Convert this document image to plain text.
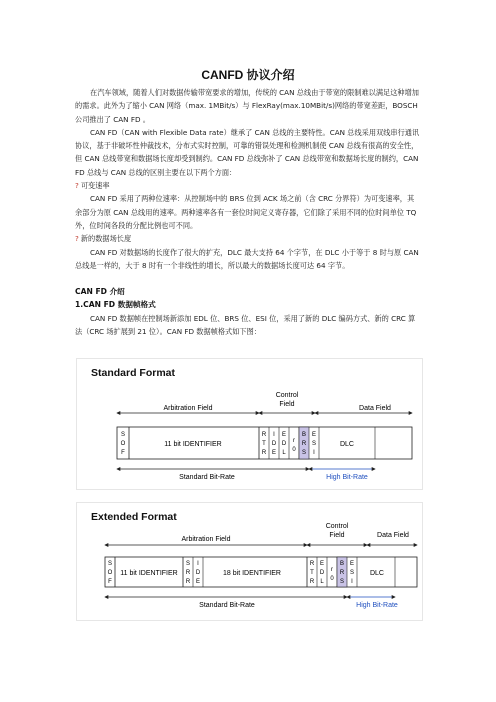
CANFD 协议介绍

在汽车领域，随着人们对数据传输带宽要求的增加，传统的 CAN 总线由于带宽的限制难以满足这种增加的需求。此外为了缩小 CAN 网络（max. 1MBit/s）与 FlexRay(max.10MBit/s)网络的带宽差距，BOSCH 公司推出了 CAN FD 。

CAN FD（CAN with Flexible Data rate）继承了 CAN 总线的主要特性。CAN 总线采用双线串行通讯协议，基于非破坏性仲裁技术，分布式实时控制，可靠的错误处理和检测机制使 CAN 总线有很高的安全性，但 CAN 总线带宽和数据场长度却受到制约。CAN FD 总线弥补了 CAN 总线带宽和数据场长度的制约，CAN FD 总线与 CAN 总线的区别主要在以下两个方面：

? 可变速率

CAN FD 采用了两种位速率：从控制场中的 BRS 位到 ACK 场之前（含 CRC 分界符）为可变速率，其余部分为原 CAN 总线用的速率。两种速率各有一套位时间定义寄存器，它们除了采用不同的位时间单位 TQ 外，位时间各段的分配比例也可不同。

? 新的数据场长度

CAN FD 对数据场的长度作了很大的扩充，DLC 最大支持 64 个字节，在 DLC 小于等于 8 时与原 CAN 总线是一样的，大于 8 时有一个非线性的增长，所以最大的数据场长度可达 64 字节。

CAN FD 介绍

1.CAN FD 数据帧格式

CAN FD 数据帧在控制场新添加 EDL 位、BRS 位、ESI 位，采用了新的 DLC 编码方式、新的 CRC 算法（CRC 场扩展到 21 位）。CAN FD 数据帧格式如下图：

Standard Format
Arbitration Field
Control
Field
Data Field
S
O
F
11 bit IDENTIFIER
R
T
R
I
D
E
E
D
L
r
0
B
R
S
E
S
I
DLC
Standard Bit-Rate	High Bit-Rate
Extended Format
Arbitration Field
Control
Field	Data Field
S
O
F
11 bit IDENTIFIER
S
R
R
I
D
E
18 bit IDENTIFIER
R
T
R
E
D
L
r
0
B
R
S
E
S
I
DLC
Standard Bit-Rate	High Bit-Rate
